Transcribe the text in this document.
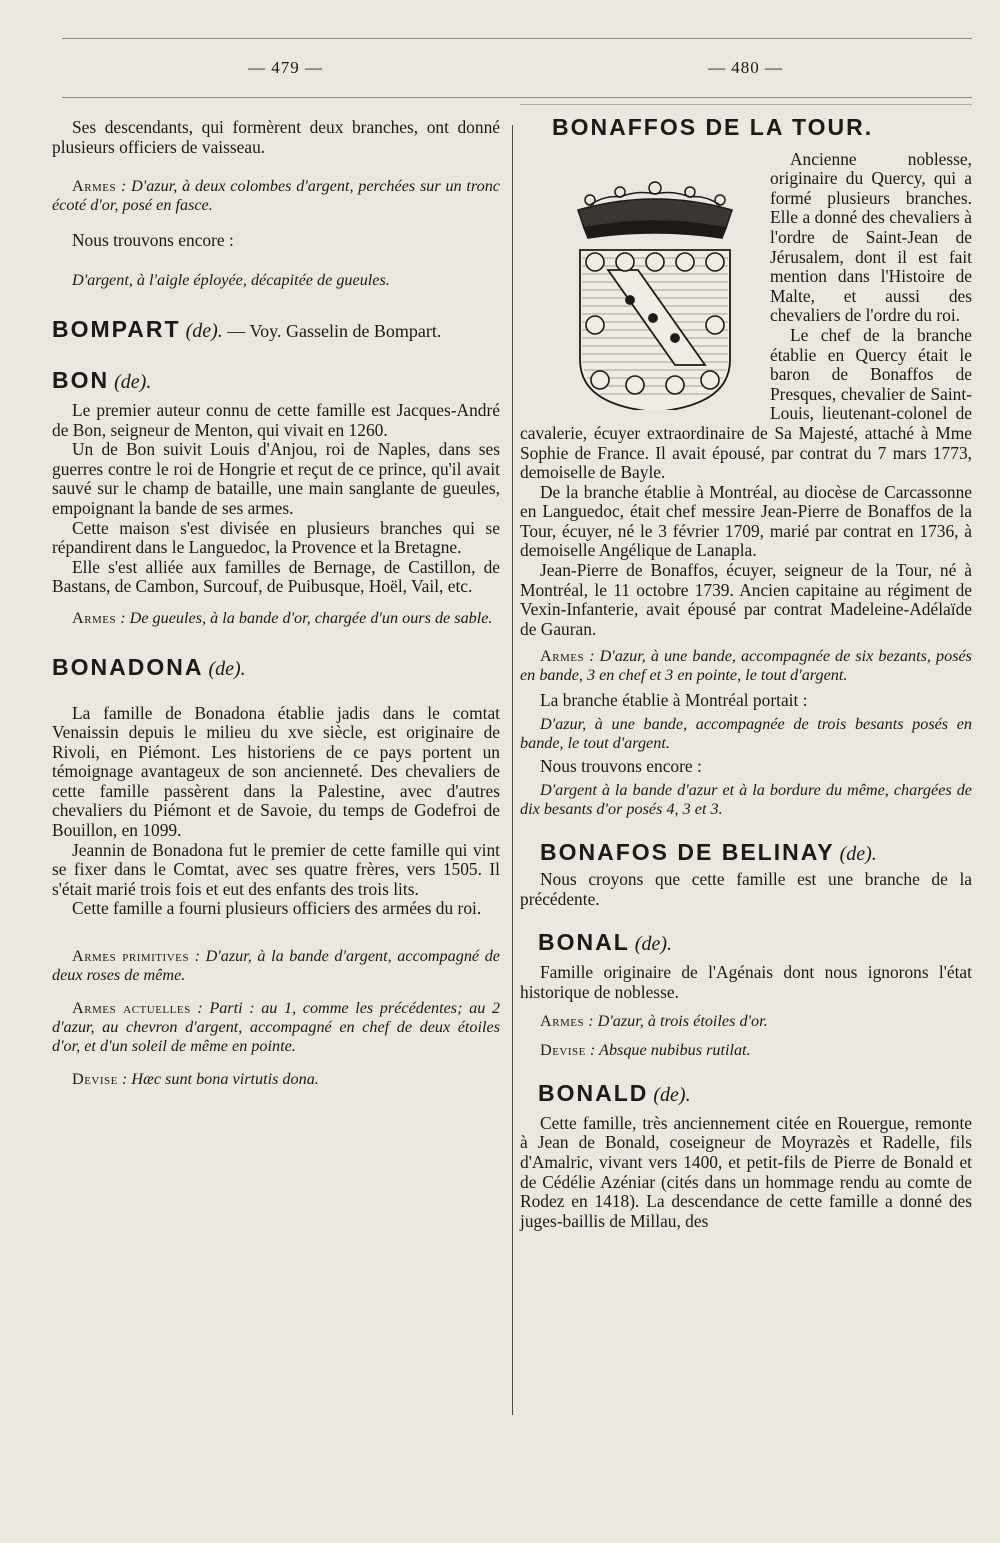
— 479 —	— 480 —

Ses descendants, qui formèrent deux branches, ont donné plusieurs officiers de vaisseau.

Armes : D'azur, à deux colombes d'argent, perchées sur un tronc écoté d'or, posé en fasce.

Nous trouvons encore :

D'argent, à l'aigle éployée, décapitée de gueules.

BOMPART (de). — Voy. Gasselin de Bompart.

BON (de).

Le premier auteur connu de cette famille est Jacques-André de Bon, seigneur de Menton, qui vivait en 1260.

Un de Bon suivit Louis d'Anjou, roi de Naples, dans ses guerres contre le roi de Hongrie et reçut de ce prince, qu'il avait sauvé sur le champ de bataille, une main sanglante de gueules, empoignant la bande de ses armes.

Cette maison s'est divisée en plusieurs branches qui se répandirent dans le Languedoc, la Provence et la Bretagne.

Elle s'est alliée aux familles de Bernage, de Castillon, de Bastans, de Cambon, Surcouf, de Puibusque, Hoël, Vail, etc.

Armes : De gueules, à la bande d'or, chargée d'un ours de sable.

BONADONA (de).

La famille de Bonadona établie jadis dans le comtat Venaissin depuis le milieu du xve siècle, est originaire de Rivoli, en Piémont. Les historiens de ce pays portent un témoignage avantageux de son ancienneté. Des chevaliers de cette famille passèrent dans la Palestine, avec d'autres chevaliers du Piémont et de Savoie, du temps de Godefroi de Bouillon, en 1099.

Jeannin de Bonadona fut le premier de cette famille qui vint se fixer dans le Comtat, avec ses quatre frères, vers 1505. Il s'était marié trois fois et eut des enfants des trois lits.

Cette famille a fourni plusieurs officiers des armées du roi.

Armes primitives : D'azur, à la bande d'argent, accompagné de deux roses de même.

Armes actuelles : Parti : au 1, comme les précédentes; au 2 d'azur, au chevron d'argent, accompagné en chef de deux étoiles d'or, et d'un soleil de même en pointe.

Devise : Hæc sunt bona virtutis dona.

BONAFFOS DE LA TOUR.

Ancienne noblesse, originaire du Quercy, qui a formé plusieurs branches. Elle a donné des chevaliers à l'ordre de Saint-Jean de Jérusalem, dont il est fait mention dans l'Histoire de Malte, et aussi des chevaliers de l'ordre du roi.

Le chef de la branche établie en Quercy était le baron de Bonaffos de Presques, chevalier de Saint-Louis, lieutenant-colonel de cavalerie, écuyer extraordinaire de Sa Majesté, attaché à Mme Sophie de France. Il avait épousé, par contrat du 7 mars 1773, demoiselle de Bayle.

De la branche établie à Montréal, au diocèse de Carcassonne en Languedoc, était chef messire Jean-Pierre de Bonaffos de la Tour, écuyer, né le 3 février 1709, marié par contrat en 1736, à demoiselle Angélique de Lanapla.

Jean-Pierre de Bonaffos, écuyer, seigneur de la Tour, né à Montréal, le 11 octobre 1739. Ancien capitaine au régiment de Vexin-Infanterie, avait épousé par contrat Madeleine-Adélaïde de Gauran.

Armes : D'azur, à une bande, accompagnée de six bezants, posés en bande, 3 en chef et 3 en pointe, le tout d'argent.

La branche établie à Montréal portait :

D'azur, à une bande, accompagnée de trois besants posés en bande, le tout d'argent.

Nous trouvons encore :

D'argent à la bande d'azur et à la bordure du même, chargées de dix besants d'or posés 4, 3 et 3.

BONAFOS DE BELINAY (de).

Nous croyons que cette famille est une branche de la précédente.

BONAL (de).

Famille originaire de l'Agénais dont nous ignorons l'état historique de noblesse.

Armes : D'azur, à trois étoiles d'or.

Devise : Absque nubibus rutilat.

BONALD (de).

Cette famille, très anciennement citée en Rouergue, remonte à Jean de Bonald, coseigneur de Moyrazès et Radelle, fils d'Amalric, vivant vers 1400, et petit-fils de Pierre de Bonald et de Cédélie Azéniar (cités dans un hommage rendu au comte de Rodez en 1418). La descendance de cette famille a donné des juges-baillis de Millau, des
